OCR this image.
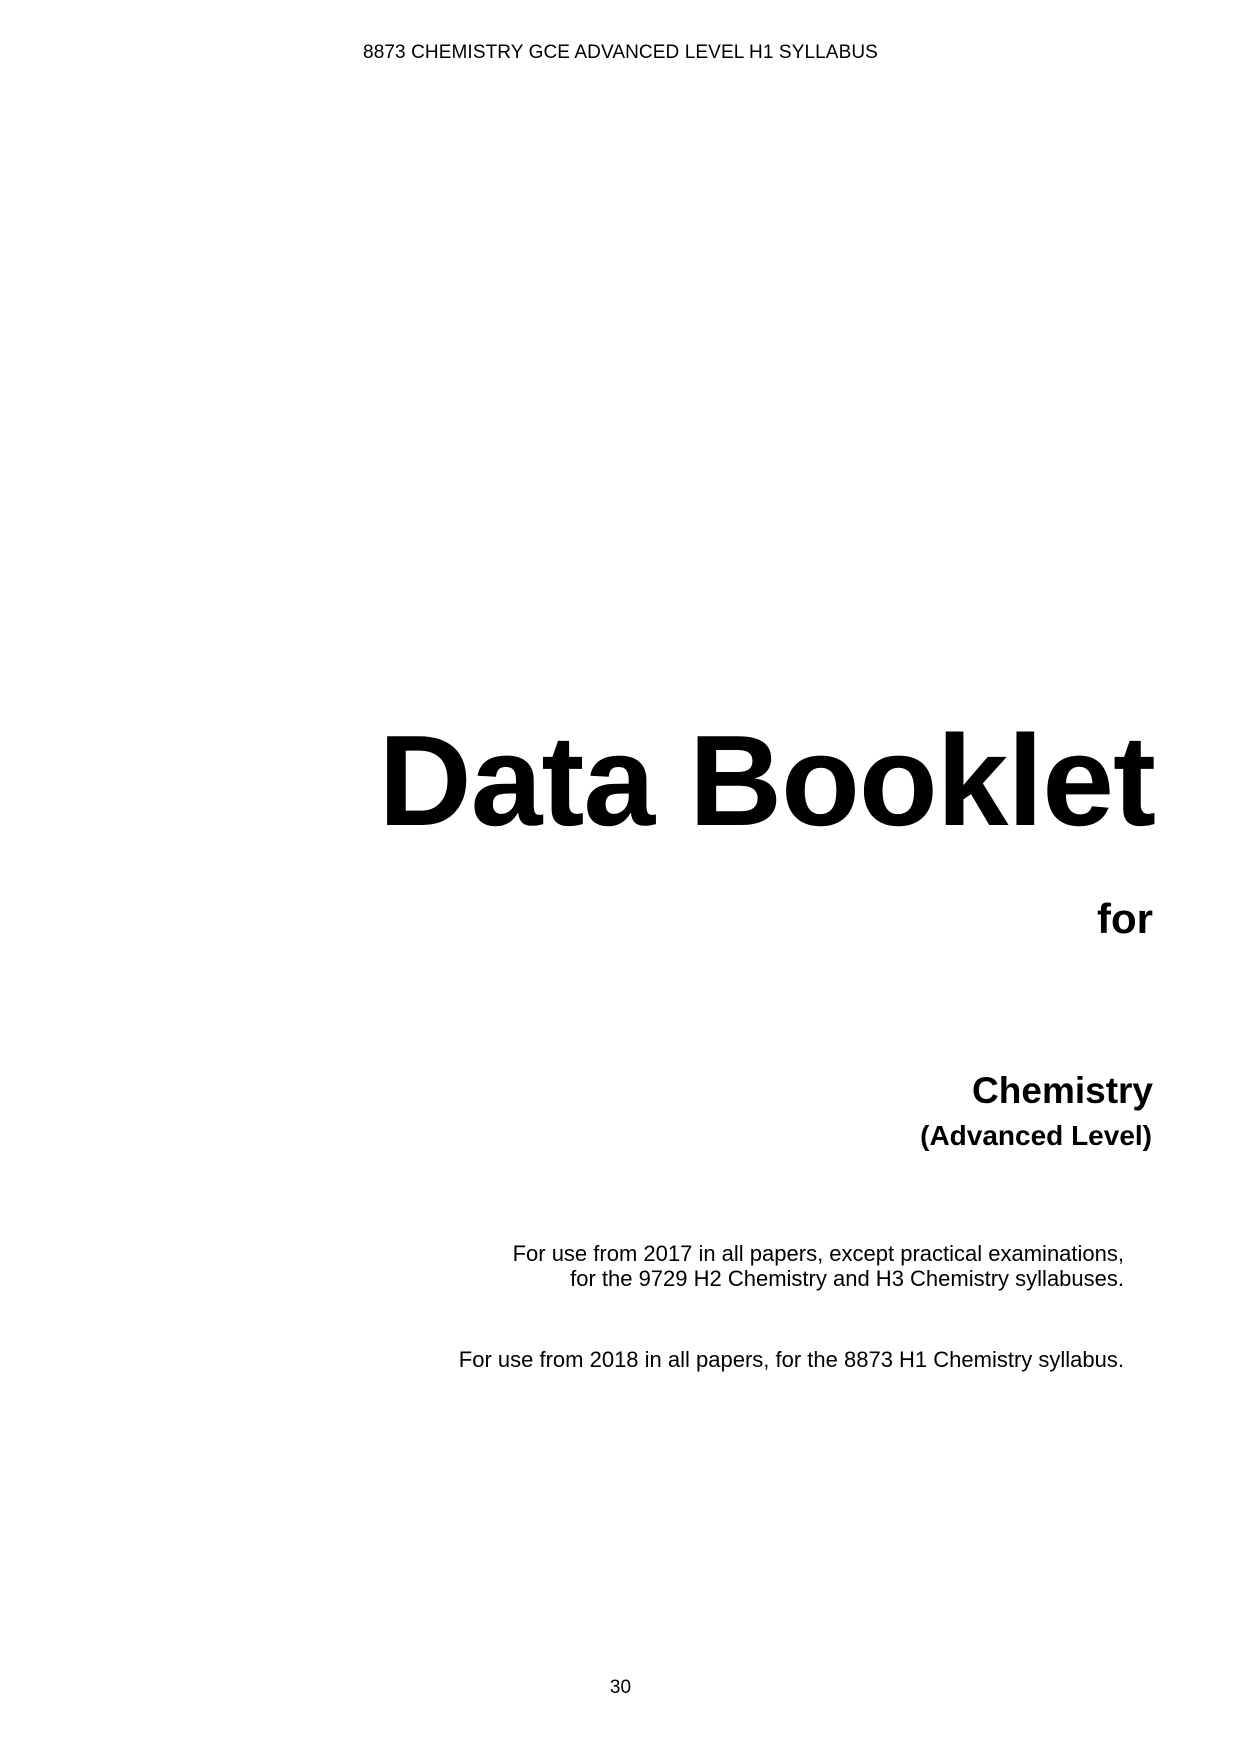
8873 CHEMISTRY GCE ADVANCED LEVEL H1 SYLLABUS
Data Booklet
for
Chemistry
(Advanced Level)
For use from 2017 in all papers, except practical examinations,
for the 9729 H2 Chemistry and H3 Chemistry syllabuses.
For use from 2018 in all papers, for the 8873 H1 Chemistry syllabus.
30
